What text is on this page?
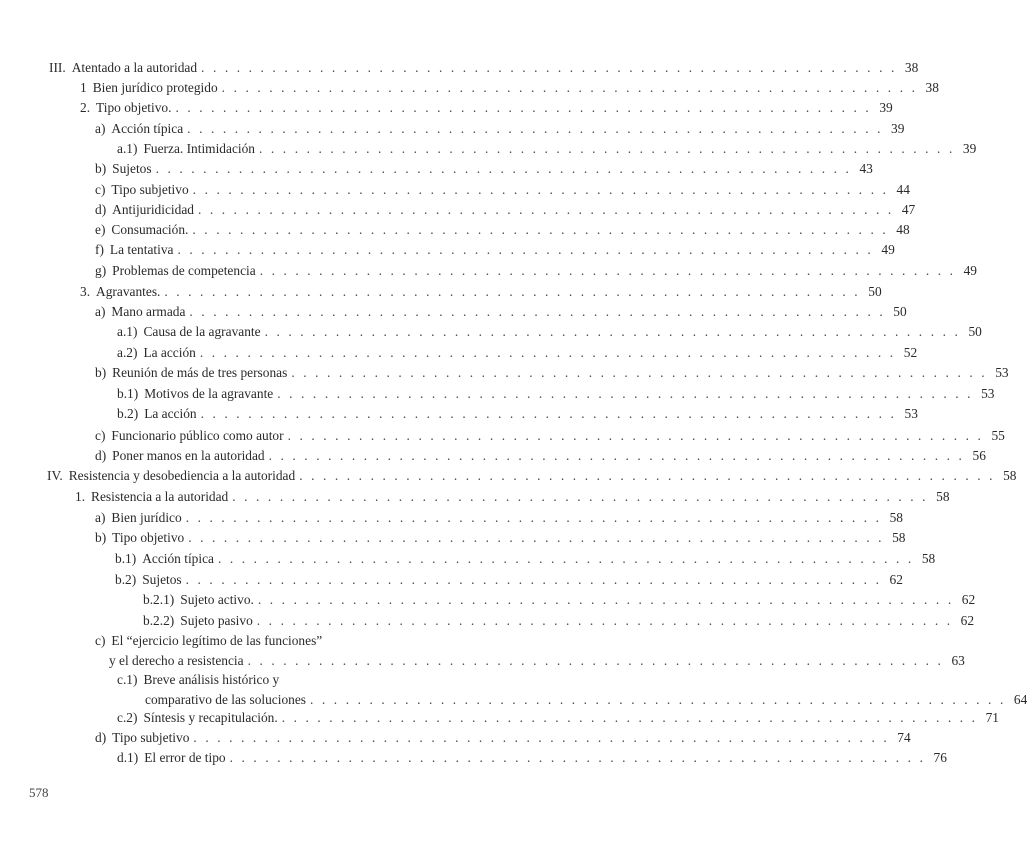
III. Atentado a la autoridad . . . . . . . . . . . . . . . . . . . . . . . . . . . . . . . . . . . . . . . . . . . . . . . . . . . . . . . . . . . 38
1 Bien jurídico protegido . . . . . . . . . . . . . . . . . . . . . . . . . . . . . . . . . . . . . . . . . . . . . . . . . . . . . . . . . . . 38
2. Tipo objetivo. . . . . . . . . . . . . . . . . . . . . . . . . . . . . . . . . . . . . . . . . . . . . . . . . . . . . . . . . . . . 39
a) Acción típica . . . . . . . . . . . . . . . . . . . . . . . . . . . . . . . . . . . . . . . . . . . . . . . . . . . . . . . . . . . 39
a.1) Fuerza. Intimidación . . . . . . . . . . . . . . . . . . . . . . . . . . . . . . . . . . . . . . . . . . . . . . . . . . . . . . . . . . . 39
b) Sujetos . . . . . . . . . . . . . . . . . . . . . . . . . . . . . . . . . . . . . . . . . . . . . . . . . . . . . . . . . . . 43
c) Tipo subjetivo . . . . . . . . . . . . . . . . . . . . . . . . . . . . . . . . . . . . . . . . . . . . . . . . . . . . . . . . . . . 44
d) Antijuridicidad . . . . . . . . . . . . . . . . . . . . . . . . . . . . . . . . . . . . . . . . . . . . . . . . . . . . . . . . . . . 47
e) Consumación. . . . . . . . . . . . . . . . . . . . . . . . . . . . . . . . . . . . . . . . . . . . . . . . . . . . . . . . . . . . 48
f) La tentativa . . . . . . . . . . . . . . . . . . . . . . . . . . . . . . . . . . . . . . . . . . . . . . . . . . . . . . . . . . . 49
g) Problemas de competencia . . . . . . . . . . . . . . . . . . . . . . . . . . . . . . . . . . . . . . . . . . . . . . . . . . . . . . . . . . . 49
3. Agravantes. . . . . . . . . . . . . . . . . . . . . . . . . . . . . . . . . . . . . . . . . . . . . . . . . . . . . . . . . . . . 50
a) Mano armada . . . . . . . . . . . . . . . . . . . . . . . . . . . . . . . . . . . . . . . . . . . . . . . . . . . . . . . . . . . 50
a.1) Causa de la agravante . . . . . . . . . . . . . . . . . . . . . . . . . . . . . . . . . . . . . . . . . . . . . . . . . . . . . . . . . . . 50
a.2) La acción . . . . . . . . . . . . . . . . . . . . . . . . . . . . . . . . . . . . . . . . . . . . . . . . . . . . . . . . . . . 52
b) Reunión de más de tres personas . . . . . . . . . . . . . . . . . . . . . . . . . . . . . . . . . . . . . . . . . . . . . . . . . . . . . . . . . . . 53
b.1) Motivos de la agravante . . . . . . . . . . . . . . . . . . . . . . . . . . . . . . . . . . . . . . . . . . . . . . . . . . . . . . . . . . . 53
b.2) La acción . . . . . . . . . . . . . . . . . . . . . . . . . . . . . . . . . . . . . . . . . . . . . . . . . . . . . . . . . . . 53
c) Funcionario público como autor . . . . . . . . . . . . . . . . . . . . . . . . . . . . . . . . . . . . . . . . . . . . . . . . . . . . . . . . . . . 55
d) Poner manos en la autoridad . . . . . . . . . . . . . . . . . . . . . . . . . . . . . . . . . . . . . . . . . . . . . . . . . . . . . . . . . . . 56
IV. Resistencia y desobediencia a la autoridad . . . . . . . . . . . . . . . . . . . . . . . . . . . . . . . . . . . . . . . . . . . . . . . . . . . . . . . . . . . 58
1. Resistencia a la autoridad . . . . . . . . . . . . . . . . . . . . . . . . . . . . . . . . . . . . . . . . . . . . . . . . . . . . . . . . . . . 58
a) Bien jurídico . . . . . . . . . . . . . . . . . . . . . . . . . . . . . . . . . . . . . . . . . . . . . . . . . . . . . . . . . . . 58
b) Tipo objetivo . . . . . . . . . . . . . . . . . . . . . . . . . . . . . . . . . . . . . . . . . . . . . . . . . . . . . . . . . . . 58
b.1) Acción típica . . . . . . . . . . . . . . . . . . . . . . . . . . . . . . . . . . . . . . . . . . . . . . . . . . . . . . . . . . . 58
b.2) Sujetos . . . . . . . . . . . . . . . . . . . . . . . . . . . . . . . . . . . . . . . . . . . . . . . . . . . . . . . . . . . 62
b.2.1) Sujeto activo. . . . . . . . . . . . . . . . . . . . . . . . . . . . . . . . . . . . . . . . . . . . . . . . . . . . . . . . . . . . 62
b.2.2) Sujeto pasivo . . . . . . . . . . . . . . . . . . . . . . . . . . . . . . . . . . . . . . . . . . . . . . . . . . . . . . . . . . . 62
c) El “ejercicio legítimo de las funciones”
y el derecho a resistencia . . . . . . . . . . . . . . . . . . . . . . . . . . . . . . . . . . . . . . . . . . . . . . . . . . . . . . . . . . . 63
c.1) Breve análisis histórico y
comparativo de las soluciones . . . . . . . . . . . . . . . . . . . . . . . . . . . . . . . . . . . . . . . . . . . . . . . . . . . . . . . . . . . 64
c.2) Síntesis y recapitulación. . . . . . . . . . . . . . . . . . . . . . . . . . . . . . . . . . . . . . . . . . . . . . . . . . . . . . . . . . . . 71
d) Tipo subjetivo . . . . . . . . . . . . . . . . . . . . . . . . . . . . . . . . . . . . . . . . . . . . . . . . . . . . . . . . . . . 74
d.1) El error de tipo . . . . . . . . . . . . . . . . . . . . . . . . . . . . . . . . . . . . . . . . . . . . . . . . . . . . . . . . . . . 76
578
